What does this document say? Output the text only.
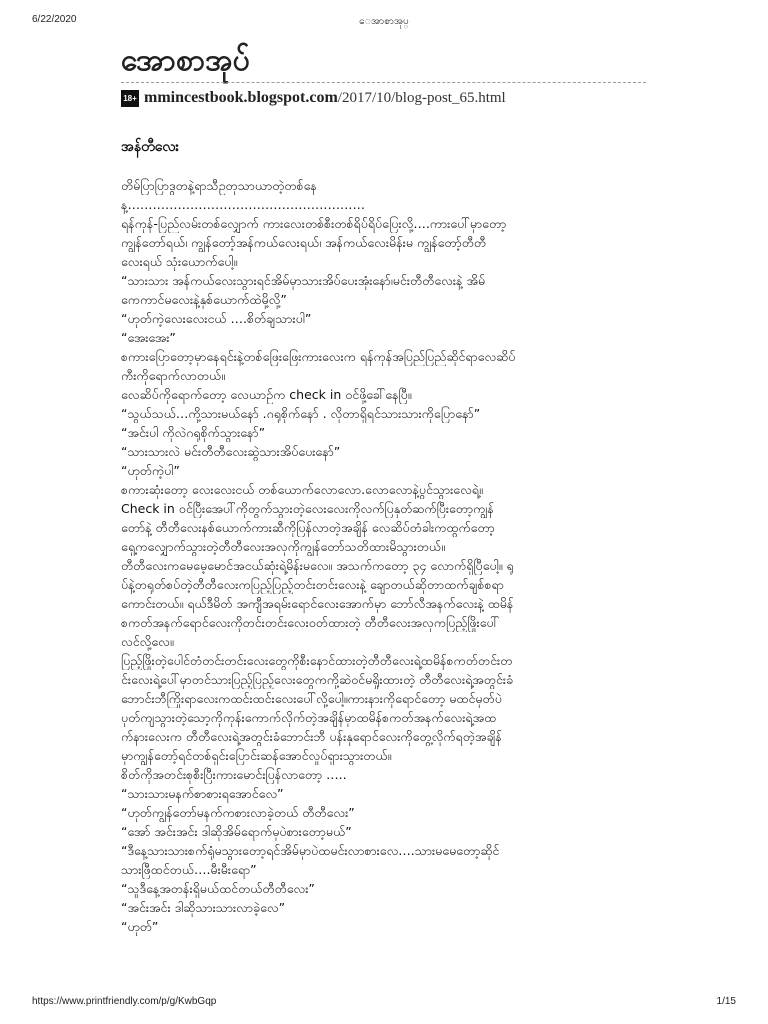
6/22/2020	ေအာစာအုပ္
အောစာအုပ်
18+ mmincestbook.blogspot.com /2017/10/blog-post_65.html
အန်တီလေး
တိမ်ပြာပြာဒွတနဲ့ရာသီဥတုသာယာတဲ့တစ်နေ
န့…………………………………………………
ရန်ကုန်-ပြည်လမ်းတစ်လျှောက် ကားလေးတစ်စီးတစ်ရိပ်ရိပ်ပြေးလို့….ကားပေါ်မှာတော့
ကျွန်တော်ရယ်၊ ကျွန်တော့်အန်ကယ်လေးရယ်၊ အန်ကယ်လေးမိန်းမ ကျွန်တော့်တီတီ
လေးရယ် သုံးယောက်ပေါ့။
“သားသား အန်ကယ်လေးသွားရင်အိမ်မှာသားအိပ်ပေးအုံးနော်၊မင်းတီတီလေးနဲ့ အိမ်
ကေကာင်မလေးနဲ့နှစ်ယောက်ထဲမို့လို့”
“ဟုတ်ကဲ့လေးလေးငယ် ….စိတ်ချသားပါ”
“အေးအေး”
စကားပြောတော့မှာနေရင်းနဲ့တစ်ဖြေးဖြေးကားလေးက ရန်ကုန်အပြည်ပြည်ဆိုင်ရာလေဆိပ်
ကီးကိုရောက်လာတယ်။
လေဆိပ်ကိုရောက်တော့ လေယာဉ်က check in ဝင်ဖို့ခေါ်နေပြီ။
“သွယ်သယ်…ကို့သားမယ်နော် .ဂရုစိုက်နော် . လိုတာရှိရင်သားသားကိုပြောနော်”
“အင်းပါ ကိုလဲဂရုစိုက်သွားနော်”
“သားသားလဲ မင်းတီတီလေးဆွဲသားအိပ်ပေးနော်”
“ဟုတ်ကဲ့ပါ”
စကားဆုံးတော့ လေးလေးငယ် တစ်ယောက်လောလော.လောလောနဲ့ပွင်သွားလေရဲ့။
Check in ဝင်ပြီးအေပါ်ကိုတွက်သွားတဲ့လေးလေးကိုလက်ပြနုတ်ဆက်ပြီးတော့ကျွန်
တော်နဲ့ တီတီလေးနစ်ယောက်ကားဆီကိုပြန်လာတဲ့အချိန် လေဆိပ်တံခါးကထွက်တော့
ရှေ့ကလျှောက်သွားတဲ့တီတီလေးအလှကိုကျွန်တော်သတိထားမိသွားတယ်။
တီတီလေးကမေမေ့မောင်အငယ်ဆုံးရဲ့မိန်းမလေ။ အသက်ကတော့ ၃၄ လောက်ရှိပြီပေါ့။ ရု
ပ်နဲ့တရုတ်စပ်တဲ့တီတီလေးကပြည့်ပြည့်တင်းတင်းလေးနဲ့ ချောတယ်ဆိုတာထက်ချစ်စရာ
ကောင်းတယ်။ ရယ်ဒီမိတ် အကျီအရမ်းရောင်လေးအောက်မှာ ဘော်လီအနက်လေးနဲ့ ထမိန်
စကတ်အနက်ရောင်လေးကိုတင်းတင်းလေးဝတ်ထားတဲ့ တီတီလေးအလှကပြည့်ဖြိုးပေါ်
လင်လို့လေ။
ပြည့်ဖြိုးတဲ့ပေါင်တံတင်းတင်းလေးတွေကိုစီးနောင်ထားတဲ့တီတီလေးရဲ့ထမိန်စကတ်တင်းတ
င်းလေးရဲ့ပေါ်မှာတင်သားပြည့်ပြည့်လေးတွေကကို့ဆဲဝင်မရှိုးထားတဲ့ တီတီလေးရဲ့အတွင်းခံ
ဘောင်းဘီကြိုးရာလေးကထင်းထင်းလေးပေါ်လို့ပေါ့။ကားနားကိုရောင်တော့ မထင်မှတ်ပဲ
ပုတ်ကျသွားတဲ့သော့ကိုကုန်းကောက်လိုက်တဲ့အချိန်မှာထမိန်စကတ်အနက်လေးရဲ့အထ
က်နားလေးက တီတီလေးရဲ့အတွင်းခံဘောင်းဘီ ပန်းနုရောင်လေးကိုတွေ့လိုက်ရတဲ့အချိန်
မှာကျွန်တော့်ရင်တစ်ရှင်းပြောင်းဆန်အောင်လှုပ်ရှားသွားတယ်။
စိတ်ကိုအတင်းစုစီးပြီးကားမောင်းပြန်လာတော့ …..
“သားသားမနက်စာစားရအောင်လေ”
“ဟုတ်ကျွန်တော်မနက်ကစားလာခဲ့တယ် တီတီလေး”
“အော် အင်းအင်း ဒါဆိုအိမ်ရောက်မှပဲစားတော့မယ်”
“ဒီနေ့သားသားစက်ရုံမသွားတော့ရင်အိမ်မှာပဲထမင်းလာစားလေ….သားမမေတော့ဆိုင်
သားဖြီထင်တယ်….မီးမီးရော”
“သူဒီနေ့အတန်းရှိမယ်ထင်တယ်တီတီလေး”
“အင်းအင်း ဒါဆိုသားသားလာခဲ့လေ”
“ဟုတ်”
https://www.printfriendly.com/p/g/KwbGqp	1/15
